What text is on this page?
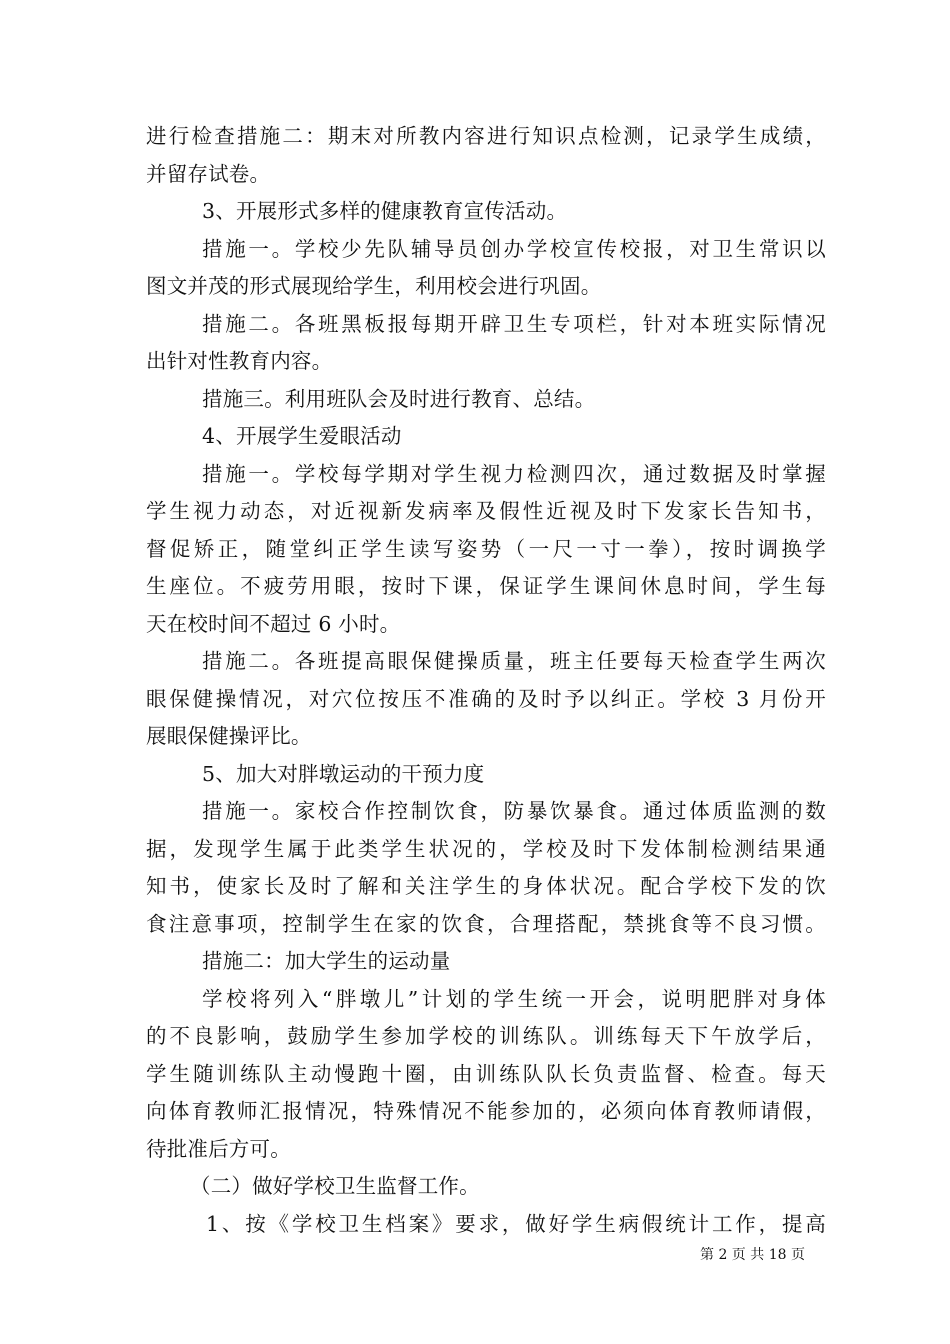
进行检查措施二：期末对所教内容进行知识点检测，记录学生成绩，
并留存试卷。
3、开展形式多样的健康教育宣传活动。
措施一。学校少先队辅导员创办学校宣传校报，对卫生常识以
图文并茂的形式展现给学生，利用校会进行巩固。
措施二。各班黑板报每期开辟卫生专项栏，针对本班实际情况
出针对性教育内容。
措施三。利用班队会及时进行教育、总结。
4、开展学生爱眼活动
措施一。学校每学期对学生视力检测四次，通过数据及时掌握
学生视力动态，对近视新发病率及假性近视及时下发家长告知书，
督促矫正，随堂纠正学生读写姿势（一尺一寸一拳），按时调换学
生座位。不疲劳用眼，按时下课，保证学生课间休息时间，学生每
天在校时间不超过 6 小时。
措施二。各班提高眼保健操质量，班主任要每天检查学生两次
眼保健操情况，对穴位按压不准确的及时予以纠正。学校 3 月份开
展眼保健操评比。
5、加大对胖墩运动的干预力度
措施一。家校合作控制饮食，防暴饮暴食。通过体质监测的数
据，发现学生属于此类学生状况的，学校及时下发体制检测结果通
知书，使家长及时了解和关注学生的身体状况。配合学校下发的饮
食注意事项，控制学生在家的饮食，合理搭配，禁挑食等不良习惯。
措施二：加大学生的运动量
学校将列入“胖墩儿”计划的学生统一开会，说明肥胖对身体
的不良影响，鼓励学生参加学校的训练队。训练每天下午放学后，
学生随训练队主动慢跑十圈，由训练队队长负责监督、检查。每天
向体育教师汇报情况，特殊情况不能参加的，必须向体育教师请假，
待批准后方可。
（二）做好学校卫生监督工作。
1、按《学校卫生档案》要求，做好学生病假统计工作，提高
第 2 页 共 18 页
